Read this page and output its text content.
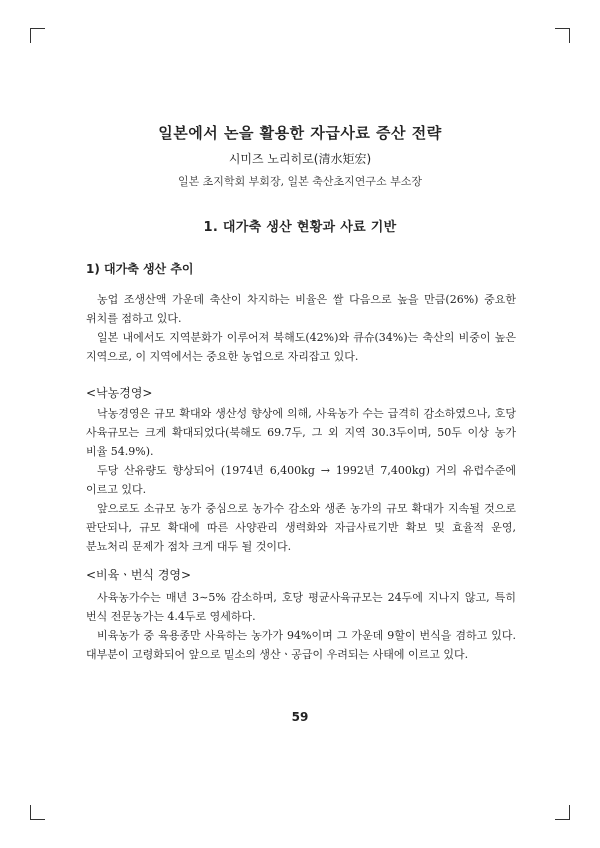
일본에서 논을 활용한 자급사료 증산 전략
시미즈 노리히로(清水矩宏)
일본 초지학회 부회장, 일본 축산초지연구소 부소장
1. 대가축 생산 현황과 사료 기반
1) 대가축 생산 추이

농업 조생산액 가운데 축산이 차지하는 비율은 쌀 다음으로 높을 만큼(26%) 중요한 위치를 점하고 있다.

일본 내에서도 지역분화가 이루어져 북해도(42%)와 큐슈(34%)는 축산의 비중이 높은 지역으로, 이 지역에서는 중요한 농업으로 자리잡고 있다.

<낙농경영>

낙농경영은 규모 확대와 생산성 향상에 의해, 사육농가 수는 급격히 감소하였으나, 호당 사육규모는 크게 확대되었다(북해도 69.7두, 그 외 지역 30.3두이며, 50두 이상 농가 비율 54.9%).

두당 산유량도 향상되어 (1974년 6,400kg → 1992년 7,400kg) 거의 유럽수준에 이르고 있다.

앞으로도 소규모 농가 중심으로 농가수 감소와 생존 농가의 규모 확대가 지속될 것으로 판단되나, 규모 확대에 따른 사양관리 생력화와 자급사료기반 확보 및 효율적 운영, 분뇨처리 문제가 점차 크게 대두 될 것이다.

<비육ㆍ번식 경영>

사육농가수는 매년 3∼5% 감소하며, 호당 평균사육규모는 24두에 지나지 않고, 특히 번식 전문농가는 4.4두로 영세하다.

비육농가 중 육용종만 사육하는 농가가 94%이며 그 가운데 9할이 번식을 겸하고 있다. 대부분이 고령화되어 앞으로 밑소의 생산ㆍ공급이 우려되는 사태에 이르고 있다.

59
